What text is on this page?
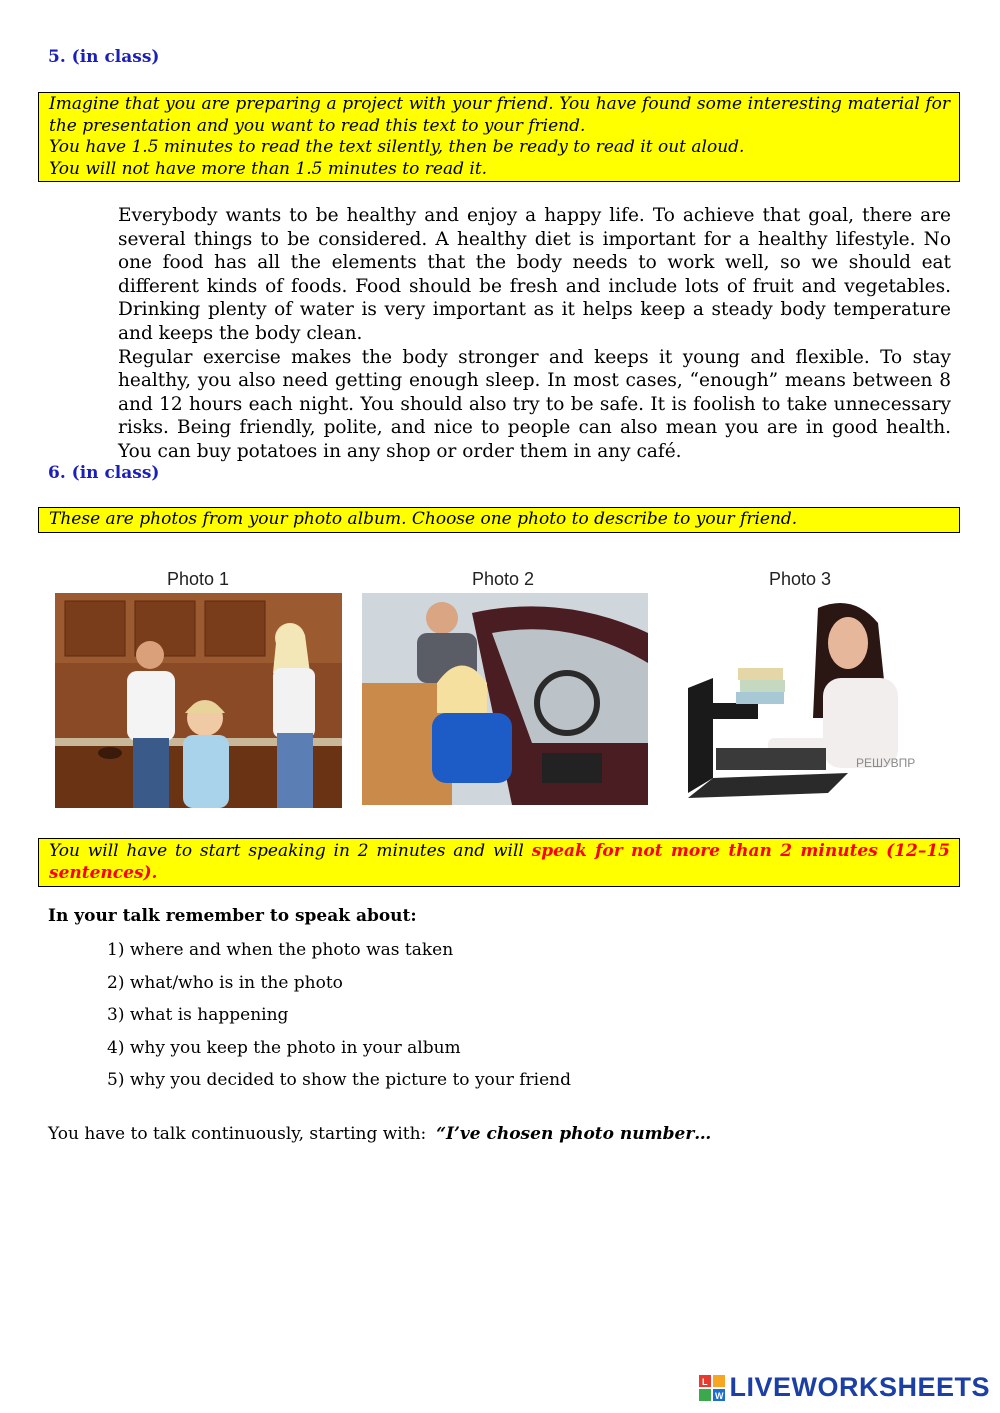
5. (in class)

Imagine that you are preparing a project with your friend. You have found some interesting material for the presentation and you want to read this text to your friend.

You have 1.5 minutes to read the text silently, then be ready to read it out aloud.

You will not have more than 1.5 minutes to read it.

Everybody wants to be healthy and enjoy a happy life. To achieve that goal, there are several things to be considered. A healthy diet is important for a healthy lifestyle. No one food has all the elements that the body needs to work well, so we should eat different kinds of foods. Food should be fresh and include lots of fruit and vegetables. Drinking plenty of water is very important as it helps keep a steady body temperature and keeps the body clean.

Regular exercise makes the body stronger and keeps it young and flexible. To stay healthy, you also need getting enough sleep. In most cases, “enough” means between 8 and 12 hours each night. You should also try to be safe. It is foolish to take unnecessary risks. Being friendly, polite, and nice to people can also mean you are in good health. You can buy potatoes in any shop or order them in any café.

6. (in class)

These are photos from your photo album. Choose one photo to describe to your friend.

Photo 1	Photo 2	Photo 3
РЕШУВПР
You will have to start speaking in 2 minutes and will speak for not more than 2 minutes (12–15 sentences).
In your talk remember to speak about:
1) where and when the photo was taken
2) what/who is in the photo
3) what is happening
4) why you keep the photo in your album
5) why you decided to show the picture to your friend
You have to talk continuously, starting with: “I’ve chosen photo number…
L
W LIVEWORKSHEETS
